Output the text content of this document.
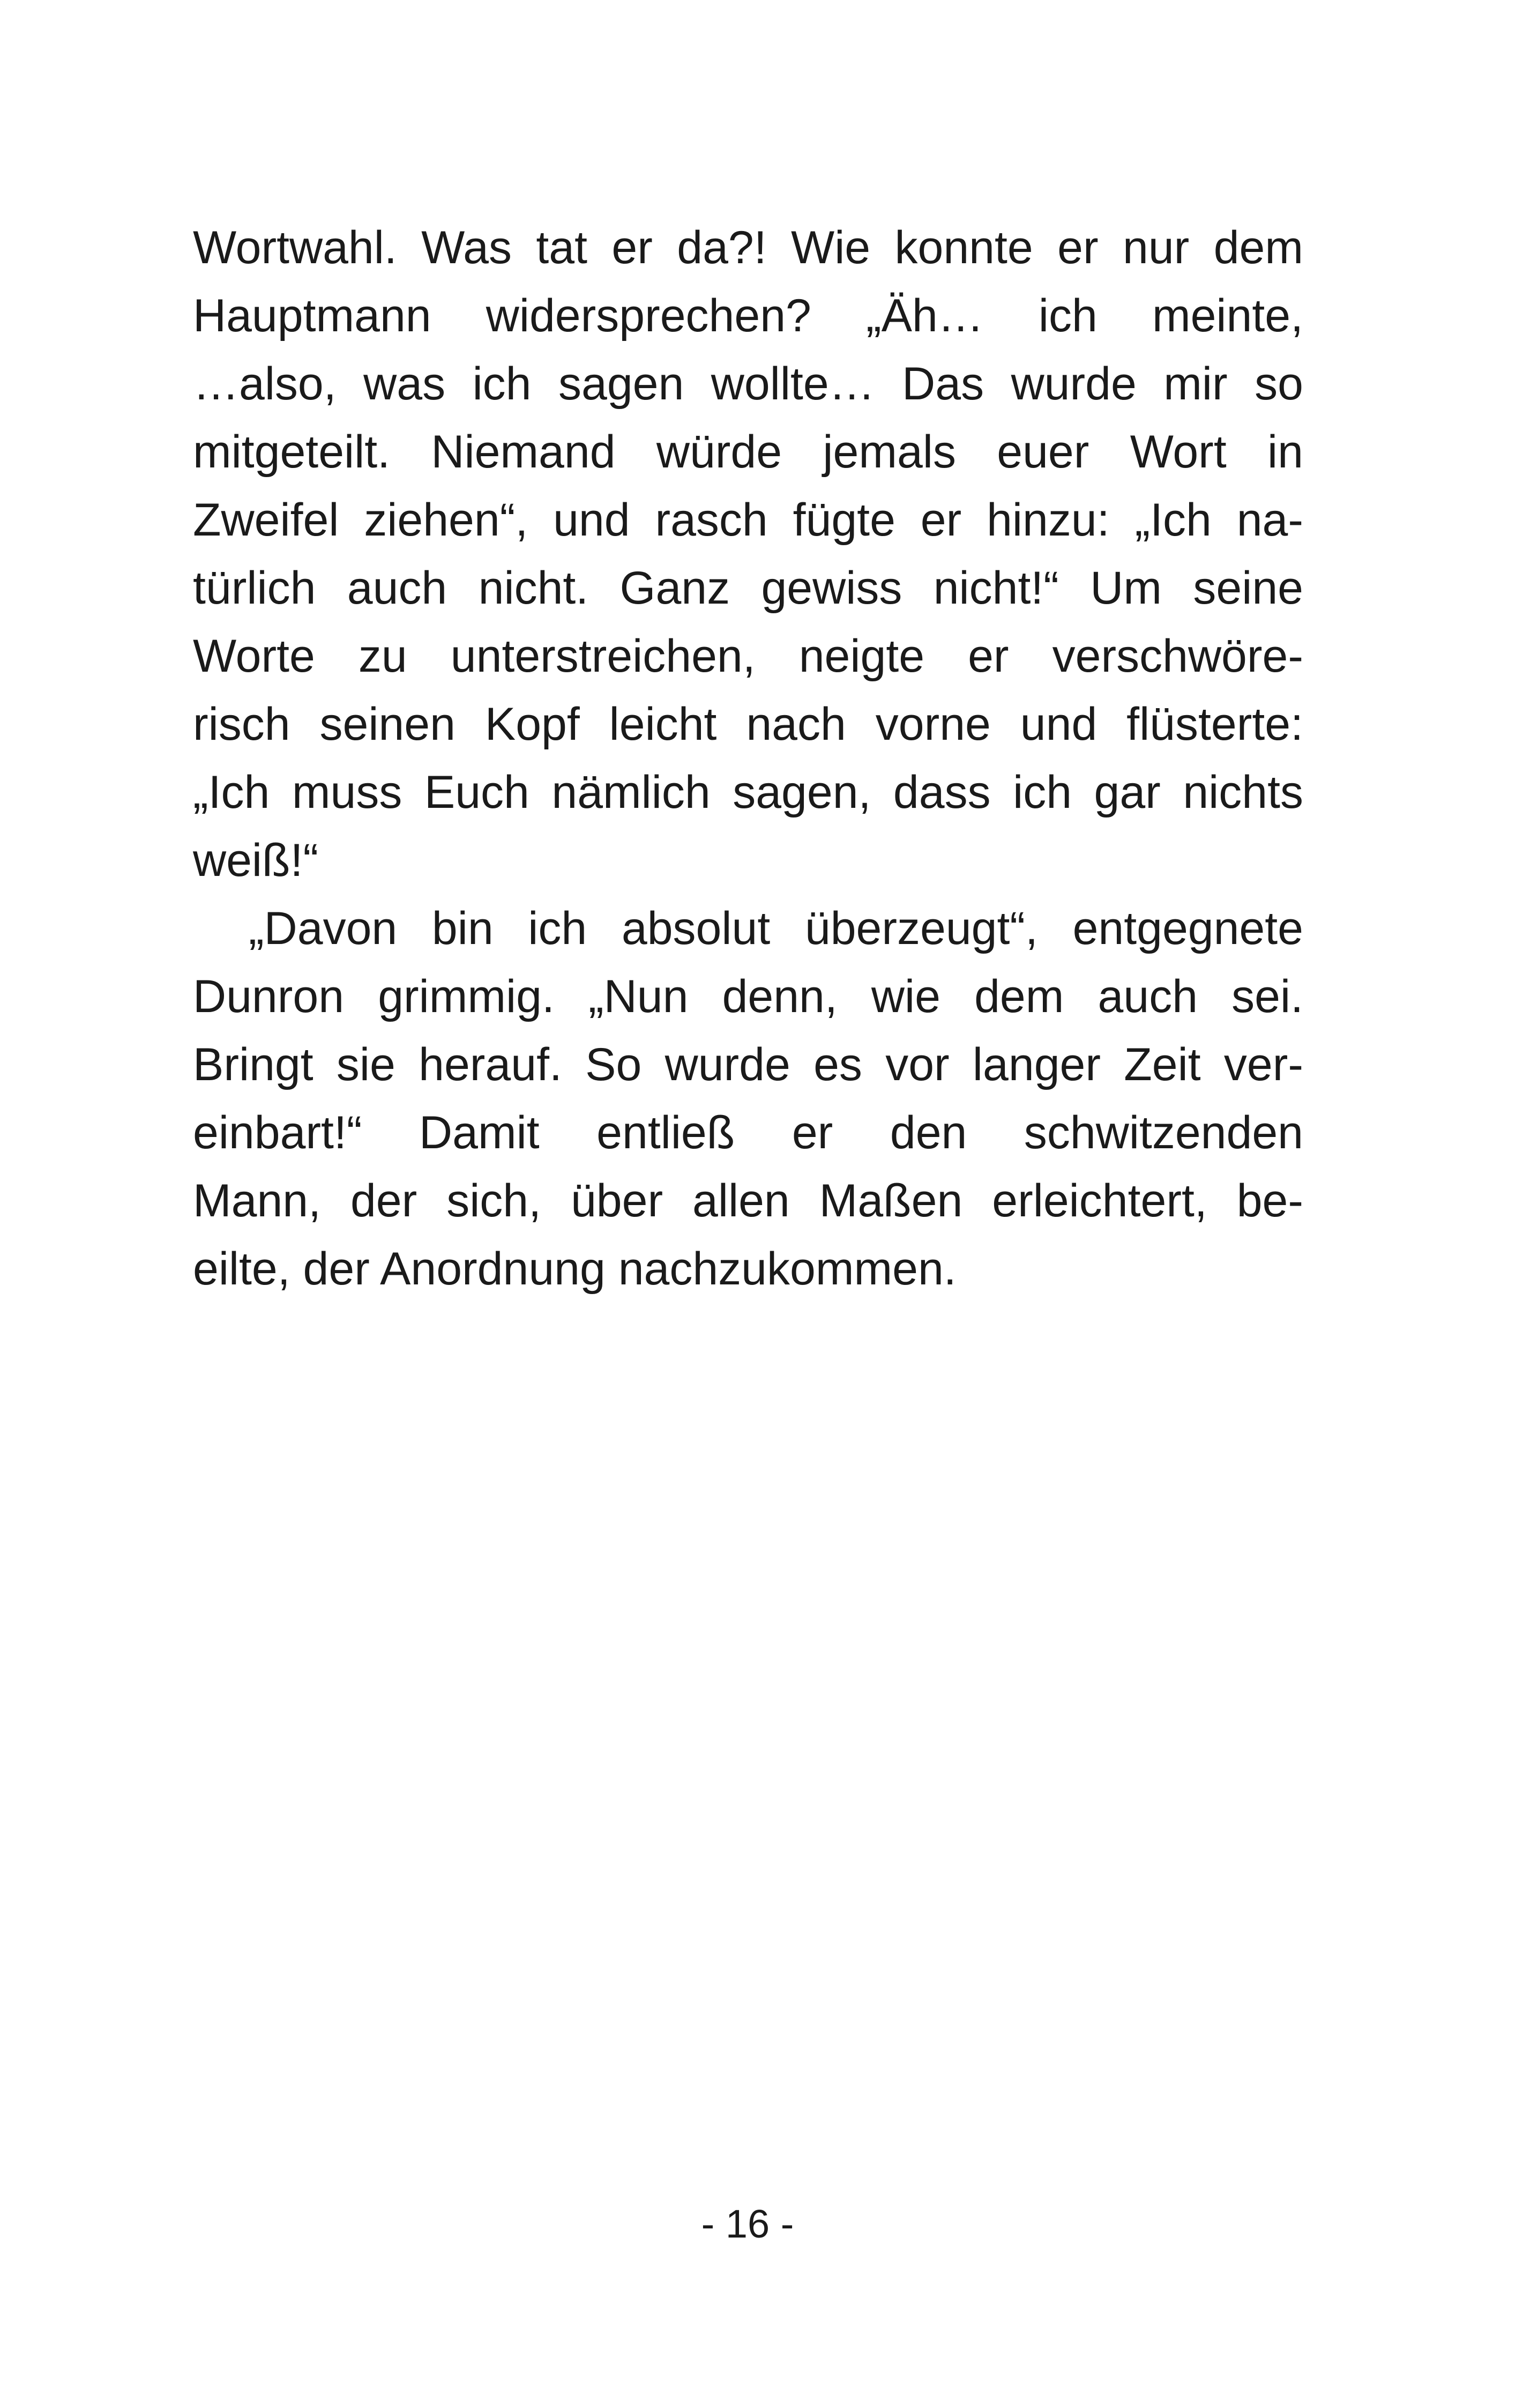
Wortwahl. Was tat er da?! Wie konnte er nur dem
Hauptmann widersprechen? „Äh… ich meinte,
…also, was ich sagen wollte… Das wurde mir so
mitgeteilt. Niemand würde jemals euer Wort in
Zweifel ziehen“, und rasch fügte er hinzu: „Ich na-
türlich auch nicht. Ganz gewiss nicht!“ Um seine
Worte zu unterstreichen, neigte er verschwöre-
risch seinen Kopf leicht nach vorne und flüsterte:
„Ich muss Euch nämlich sagen, dass ich gar nichts
weiß!“
„Davon bin ich absolut überzeugt“, entgegnete
Dunron grimmig. „Nun denn, wie dem auch sei.
Bringt sie herauf. So wurde es vor langer Zeit ver-
einbart!“ Damit entließ er den schwitzenden
Mann, der sich, über allen Maßen erleichtert, be-
eilte, der Anordnung nachzukommen.
- 16 -
